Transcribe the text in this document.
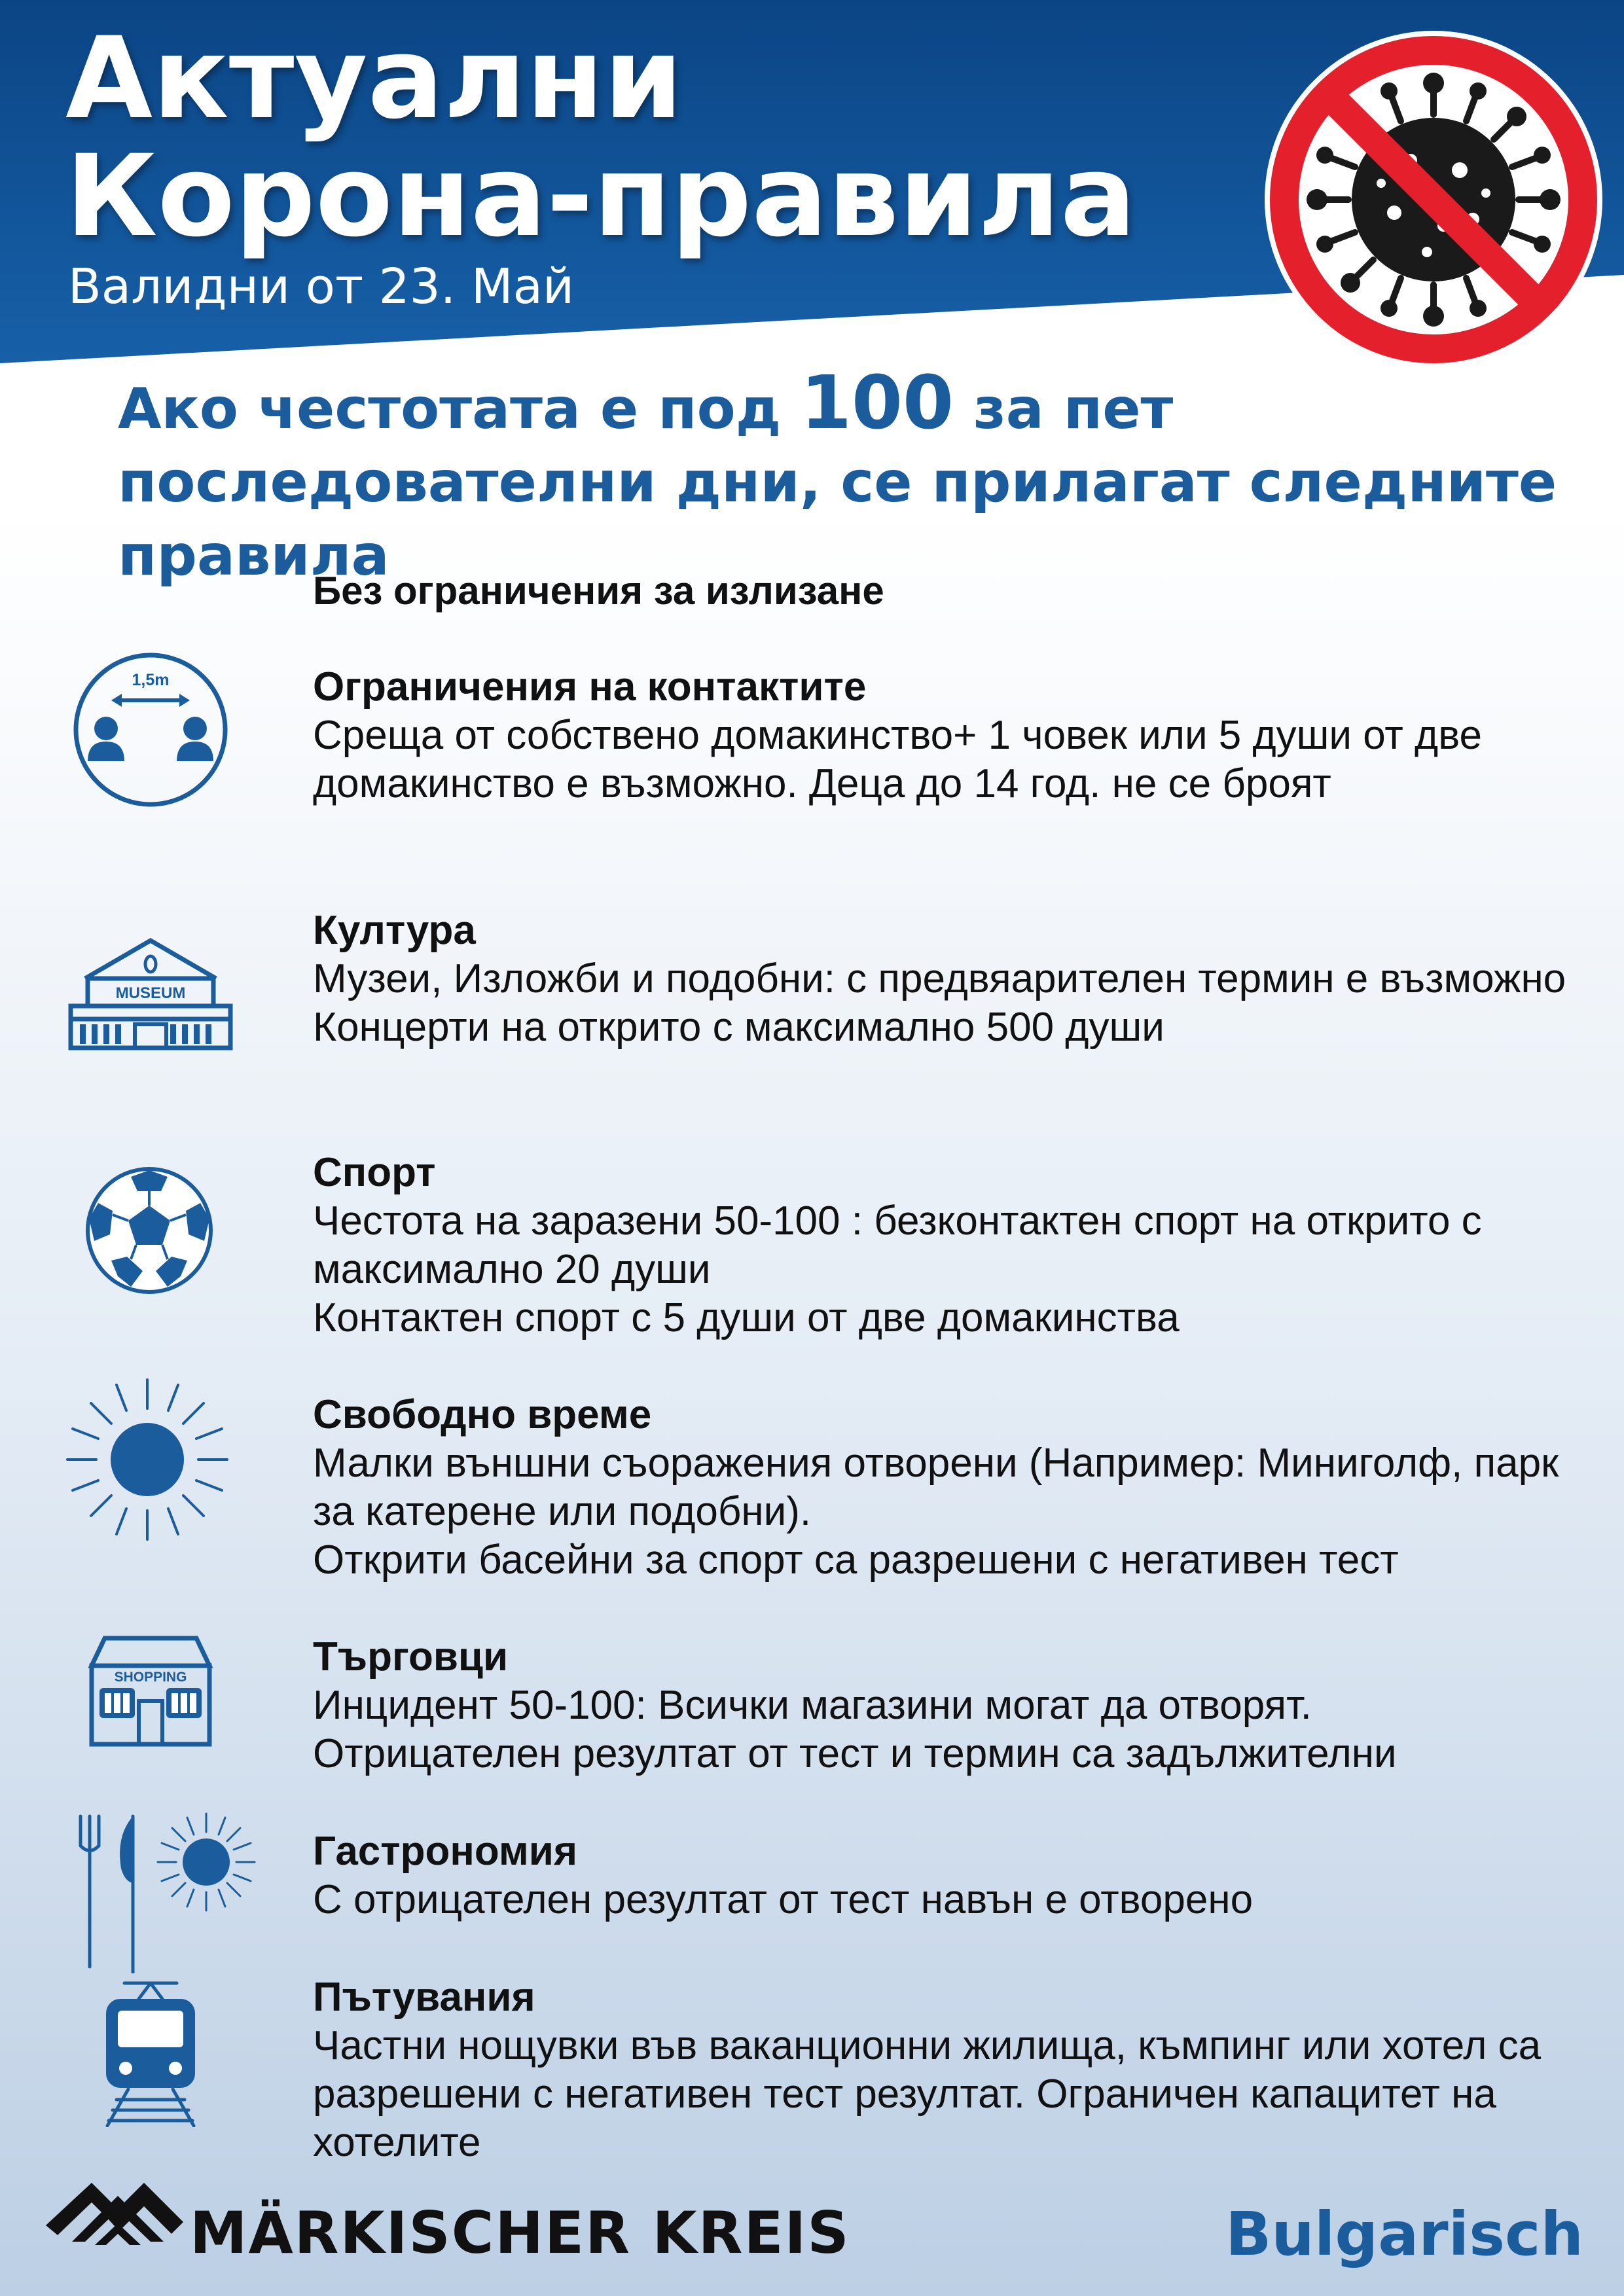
Актуални
Корона-правила
Валидни от 23. Май
Ако честотата е под 100 за пет последователни дни, се прилагат следните правила
Без ограничения за излизане
1,5m	Ограничения на контактите
Среща от собствено домакинство+ 1 човек или 5 души от две домакинство е възможно. Деца до 14 год. не се броят
MUSEUM
Култура
Музеи, Изложби и подобни: с предвяарителен термин е възможно
Концерти на открито с максимално 500 души
Спорт
Честота на заразени 50-100 : безконтактен спорт на открито с максимално 20 души
Контактен спорт с 5 души от две домакинства
Свободно време
Малки външни съоражения отворени (Например: Миниголф, парк за катерене или подобни).
Открити басейни за спорт са разрешени с негативен тест
SHOPPING	Търговци
Инцидент 50-100: Всички магазини могат да отворят.
Отрицателен резултат от тест и термин са задължителни
Гастрономия
С отрицателен резултат от тест навън е отворено
Пътувания
Частни нощувки във ваканционни жилища, къмпинг или хотел са разрешени с негативен тест резултат. Ограничен капацитет на хотелите
MÄRKISCHER KREIS	Bulgarisch
